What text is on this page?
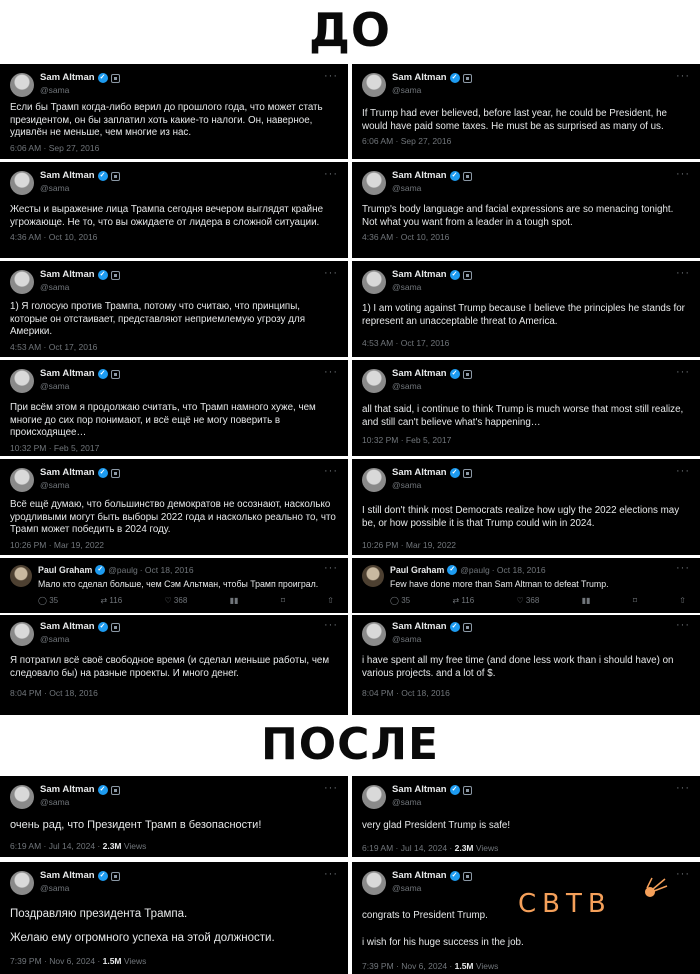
ДО
Sam Altman ✓
@sama
···
Если бы Трамп когда-либо верил до прошлого года, что может стать президентом, он бы заплатил хоть какие-то налоги. Он, наверное, удивлён не меньше, чем многие из нас.
6:06 AM · Sep 27, 2016
Sam Altman ✓
@sama
···
If Trump had ever believed, before last year, he could be President, he would have paid some taxes. He must be as surprised as many of us.
6:06 AM · Sep 27, 2016
Sam Altman ✓
@sama
···
Жесты и выражение лица Трампа сегодня вечером выглядят крайне угрожающе. Не то, что вы ожидаете от лидера в сложной ситуации.
4:36 AM · Oct 10, 2016
Sam Altman ✓
@sama
···
Trump's body language and facial expressions are so menacing tonight. Not what you want from a leader in a tough spot.
4:36 AM · Oct 10, 2016
Sam Altman ✓
@sama
···
1) Я голосую против Трампа, потому что считаю, что принципы, которые он отстаивает, представляют неприемлемую угрозу для Америки.
4:53 AM · Oct 17, 2016
Sam Altman ✓
@sama
···
1) I am voting against Trump because I believe the principles he stands for represent an unacceptable threat to America.
4:53 AM · Oct 17, 2016
Sam Altman ✓
@sama
···
При всём этом я продолжаю считать, что Трамп намного хуже, чем многие до сих пор понимают, и всё ещё не могу поверить в происходящее…
10:32 PM · Feb 5, 2017
Sam Altman ✓
@sama
···
all that said, i continue to think Trump is much worse that most still realize, and still can't believe what's happening…
10:32 PM · Feb 5, 2017
Sam Altman ✓
@sama
···
Всё ещё думаю, что большинство демократов не осознают, насколько уродливыми могут быть выборы 2022 года и насколько реально то, что Трамп может победить в 2024 году.
10:26 PM · Mar 19, 2022
Sam Altman ✓
@sama
···
I still don't think most Democrats realize how ugly the 2022 elections may be, or how possible it is that Trump could win in 2024.
10:26 PM · Mar 19, 2022
Paul Graham ✓ @paulg · Oct 18, 2016
Мало кто сделал больше, чем Сэм Альтман, чтобы Трамп проиграл.
···
◯ 35	⇄ 116	♡ 368	▮▮	⌑	⇧
Sam Altman ✓
@sama
···
Я потратил всё своё свободное время (и сделал меньше работы, чем следовало бы) на разные проекты. И много денег.
8:04 PM · Oct 18, 2016
Paul Graham ✓ @paulg · Oct 18, 2016
Few have done more than Sam Altman to defeat Trump.
···
◯ 35	⇄ 116	♡ 368	▮▮	⌑	⇧
Sam Altman ✓
@sama
···
i have spent all my free time (and done less work than i should have) on various projects. and a lot of $.
8:04 PM · Oct 18, 2016
ПОСЛЕ
Sam Altman ✓
@sama
···
очень рад, что Президент Трамп в безопасности!
6:19 AM · Jul 14, 2024 · 2.3M Views
Sam Altman ✓
@sama
···
very glad President Trump is safe!
6:19 AM · Jul 14, 2024 · 2.3M Views
Sam Altman ✓
@sama
···
Поздравляю президента Трампа.
Желаю ему огромного успеха на этой должности.
7:39 PM · Nov 6, 2024 · 1.5M Views
Sam Altman ✓
@sama
···
congrats to President Trump.
i wish for his huge success in the job.
7:39 PM · Nov 6, 2024 · 1.5M Views
СВТВ
